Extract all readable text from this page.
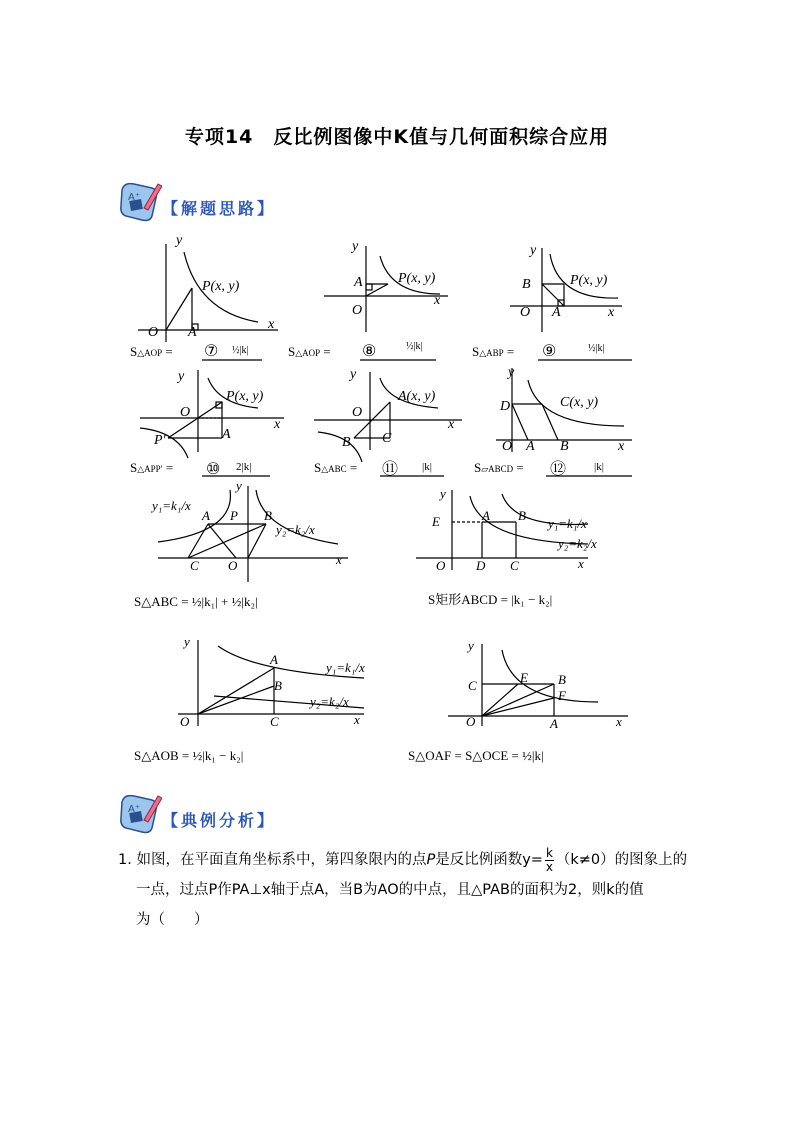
专项14　反比例图像中K值与几何面积综合应用
A⁺
【解题思路】
y
x
O A
P(x, y)
S△AOP = ⑦ ½|k|
y
x
O
A	P(x, y)
S△AOP = ⑧	½|k|
y
x
O
B
A
P(x, y)
S△ABP = ⑨	½|k|
y
x
O
A
P(x, y)
P′
S△APP′ = ⑩ 2|k|
y
x
O
B C
A(x, y)
S△ABC = ⑪ |k|
y
x
O
D
A B
C(x, y)
S▱ABCD = ⑫	|k|
y
x
O
C
A P B
y₁=k₁/x
y₂=k₂/x
S△ABC = ½|k₁| + ½|k₂|
y
x
O
E	A B
D C
y₁=k₁/x
y₂=k₂/x
S矩形ABCD = |k₁ − k₂|
y
x
O
A
B
C
y₁=k₁/x
y₂=k₂/x
S△AOB = ½|k₁ − k₂|
y
x
O
C
E B
F
A
S△OAF = S△OCE = ½|k|
A⁺
【典例分析】
1. 如图，在平面直角坐标系中，第四象限内的点P是反比例函数$y= \frac{k}{x} (k\ne 0)$的图象上的
一点，过点P作PA⊥x轴于点A，当B为AO的中点，且△PAB的面积为2，则k的值
为（　　）
